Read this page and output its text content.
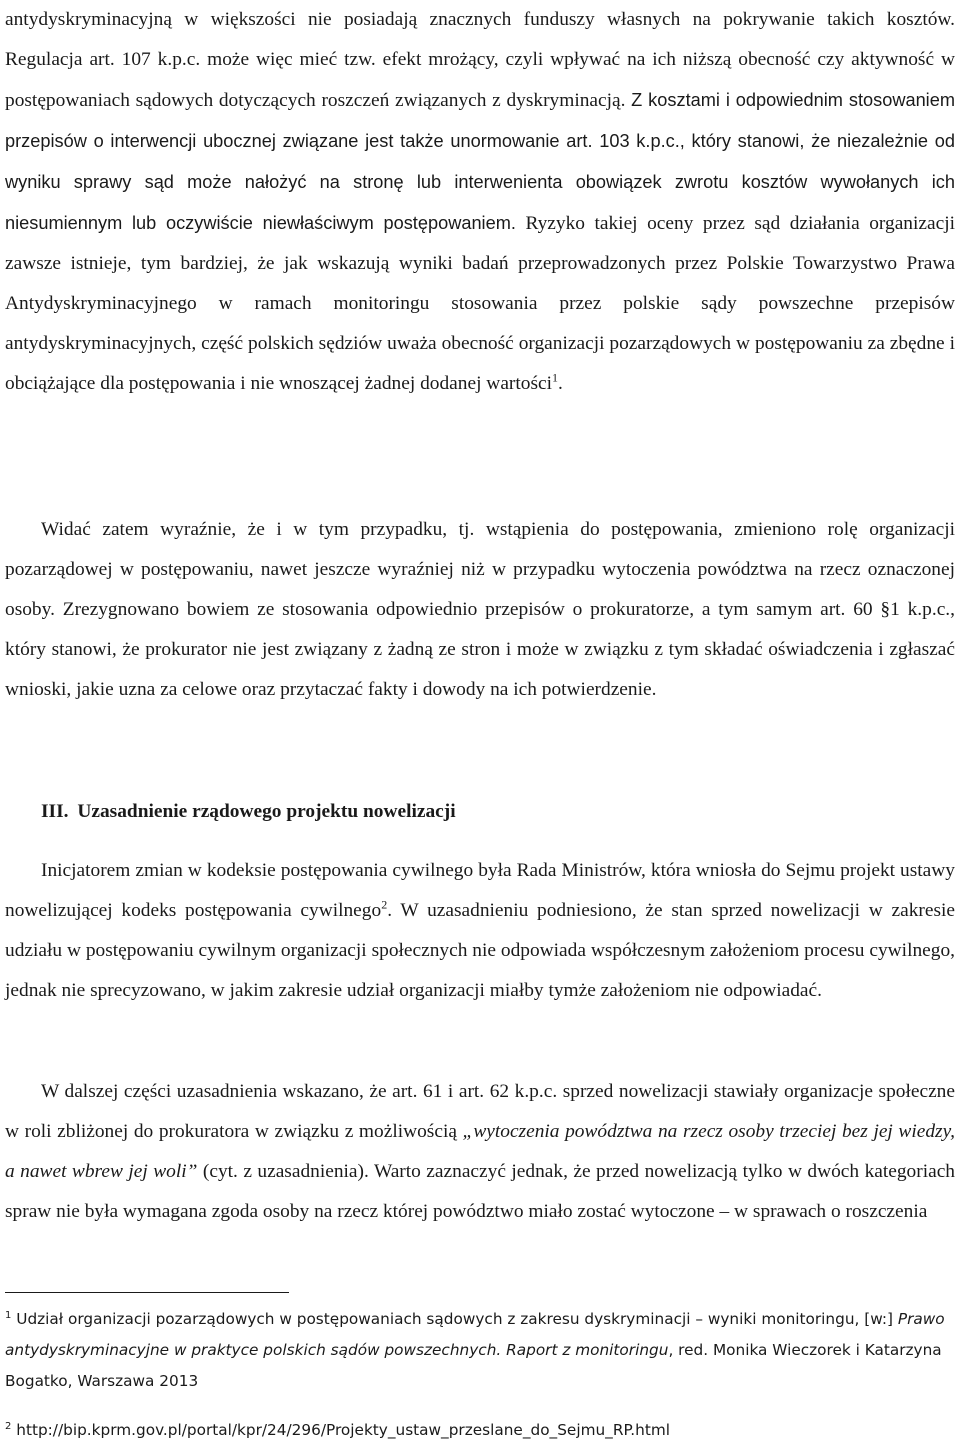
antydyskryminacyjną w większości nie posiadają znacznych funduszy własnych na pokrywanie takich kosztów. Regulacja art. 107 k.p.c. może więc mieć tzw. efekt mrożący, czyli wpływać na ich niższą obecność czy aktywność w postępowaniach sądowych dotyczących roszczeń związanych z dyskryminacją. Z kosztami i odpowiednim stosowaniem przepisów o interwencji ubocznej związane jest także unormowanie art. 103 k.p.c., który stanowi, że niezależnie od wyniku sprawy sąd może nałożyć na stronę lub interwenienta obowiązek zwrotu kosztów wywołanych ich niesumiennym lub oczywiście niewłaściwym postępowaniem. Ryzyko takiej oceny przez sąd działania organizacji zawsze istnieje, tym bardziej, że jak wskazują wyniki badań przeprowadzonych przez Polskie Towarzystwo Prawa Antydyskryminacyjnego w ramach monitoringu stosowania przez polskie sądy powszechne przepisów antydyskryminacyjnych, część polskich sędziów uważa obecność organizacji pozarządowych w postępowaniu za zbędne i obciążające dla postępowania i nie wnoszącej żadnej dodanej wartości$^1$.

Widać zatem wyraźnie, że i w tym przypadku, tj. wstąpienia do postępowania, zmieniono rolę organizacji pozarządowej w postępowaniu, nawet jeszcze wyraźniej niż w przypadku wytoczenia powództwa na rzecz oznaczonej osoby. Zrezygnowano bowiem ze stosowania odpowiednio przepisów o prokuratorze, a tym samym art. 60 §1 k.p.c., który stanowi, że prokurator nie jest związany z żadną ze stron i może w związku z tym składać oświadczenia i zgłaszać wnioski, jakie uzna za celowe oraz przytaczać fakty i dowody na ich potwierdzenie.

III. Uzasadnienie rządowego projektu nowelizacji

Inicjatorem zmian w kodeksie postępowania cywilnego była Rada Ministrów, która wniosła do Sejmu projekt ustawy nowelizującej kodeks postępowania cywilnego$^2$. W uzasadnieniu podniesiono, że stan sprzed nowelizacji w zakresie udziału w postępowaniu cywilnym organizacji społecznych nie odpowiada współczesnym założeniom procesu cywilnego, jednak nie sprecyzowano, w jakim zakresie udział organizacji miałby tymże założeniom nie odpowiadać.

W dalszej części uzasadnienia wskazano, że art. 61 i art. 62 k.p.c. sprzed nowelizacji stawiały organizacje społeczne w roli zbliżonej do prokuratora w związku z możliwością „wytoczenia powództwa na rzecz osoby trzeciej bez jej wiedzy, a nawet wbrew jej woli” (cyt. z uzasadnienia). Warto zaznaczyć jednak, że przed nowelizacją tylko w dwóch kategoriach spraw nie była wymagana zgoda osoby na rzecz której powództwo miało zostać wytoczone – w sprawach o roszczenia

$^1$ Udział organizacji pozarządowych w postępowaniach sądowych z zakresu dyskryminacji – wyniki monitoringu, [w:] Prawo antydyskryminacyjne w praktyce polskich sądów powszechnych. Raport z monitoringu, red. Monika Wieczorek i Katarzyna Bogatko, Warszawa 2013

$^2$ http://bip.kprm.gov.pl/portal/kpr/24/296/Projekty_ustaw_przeslane_do_Sejmu_RP.html
